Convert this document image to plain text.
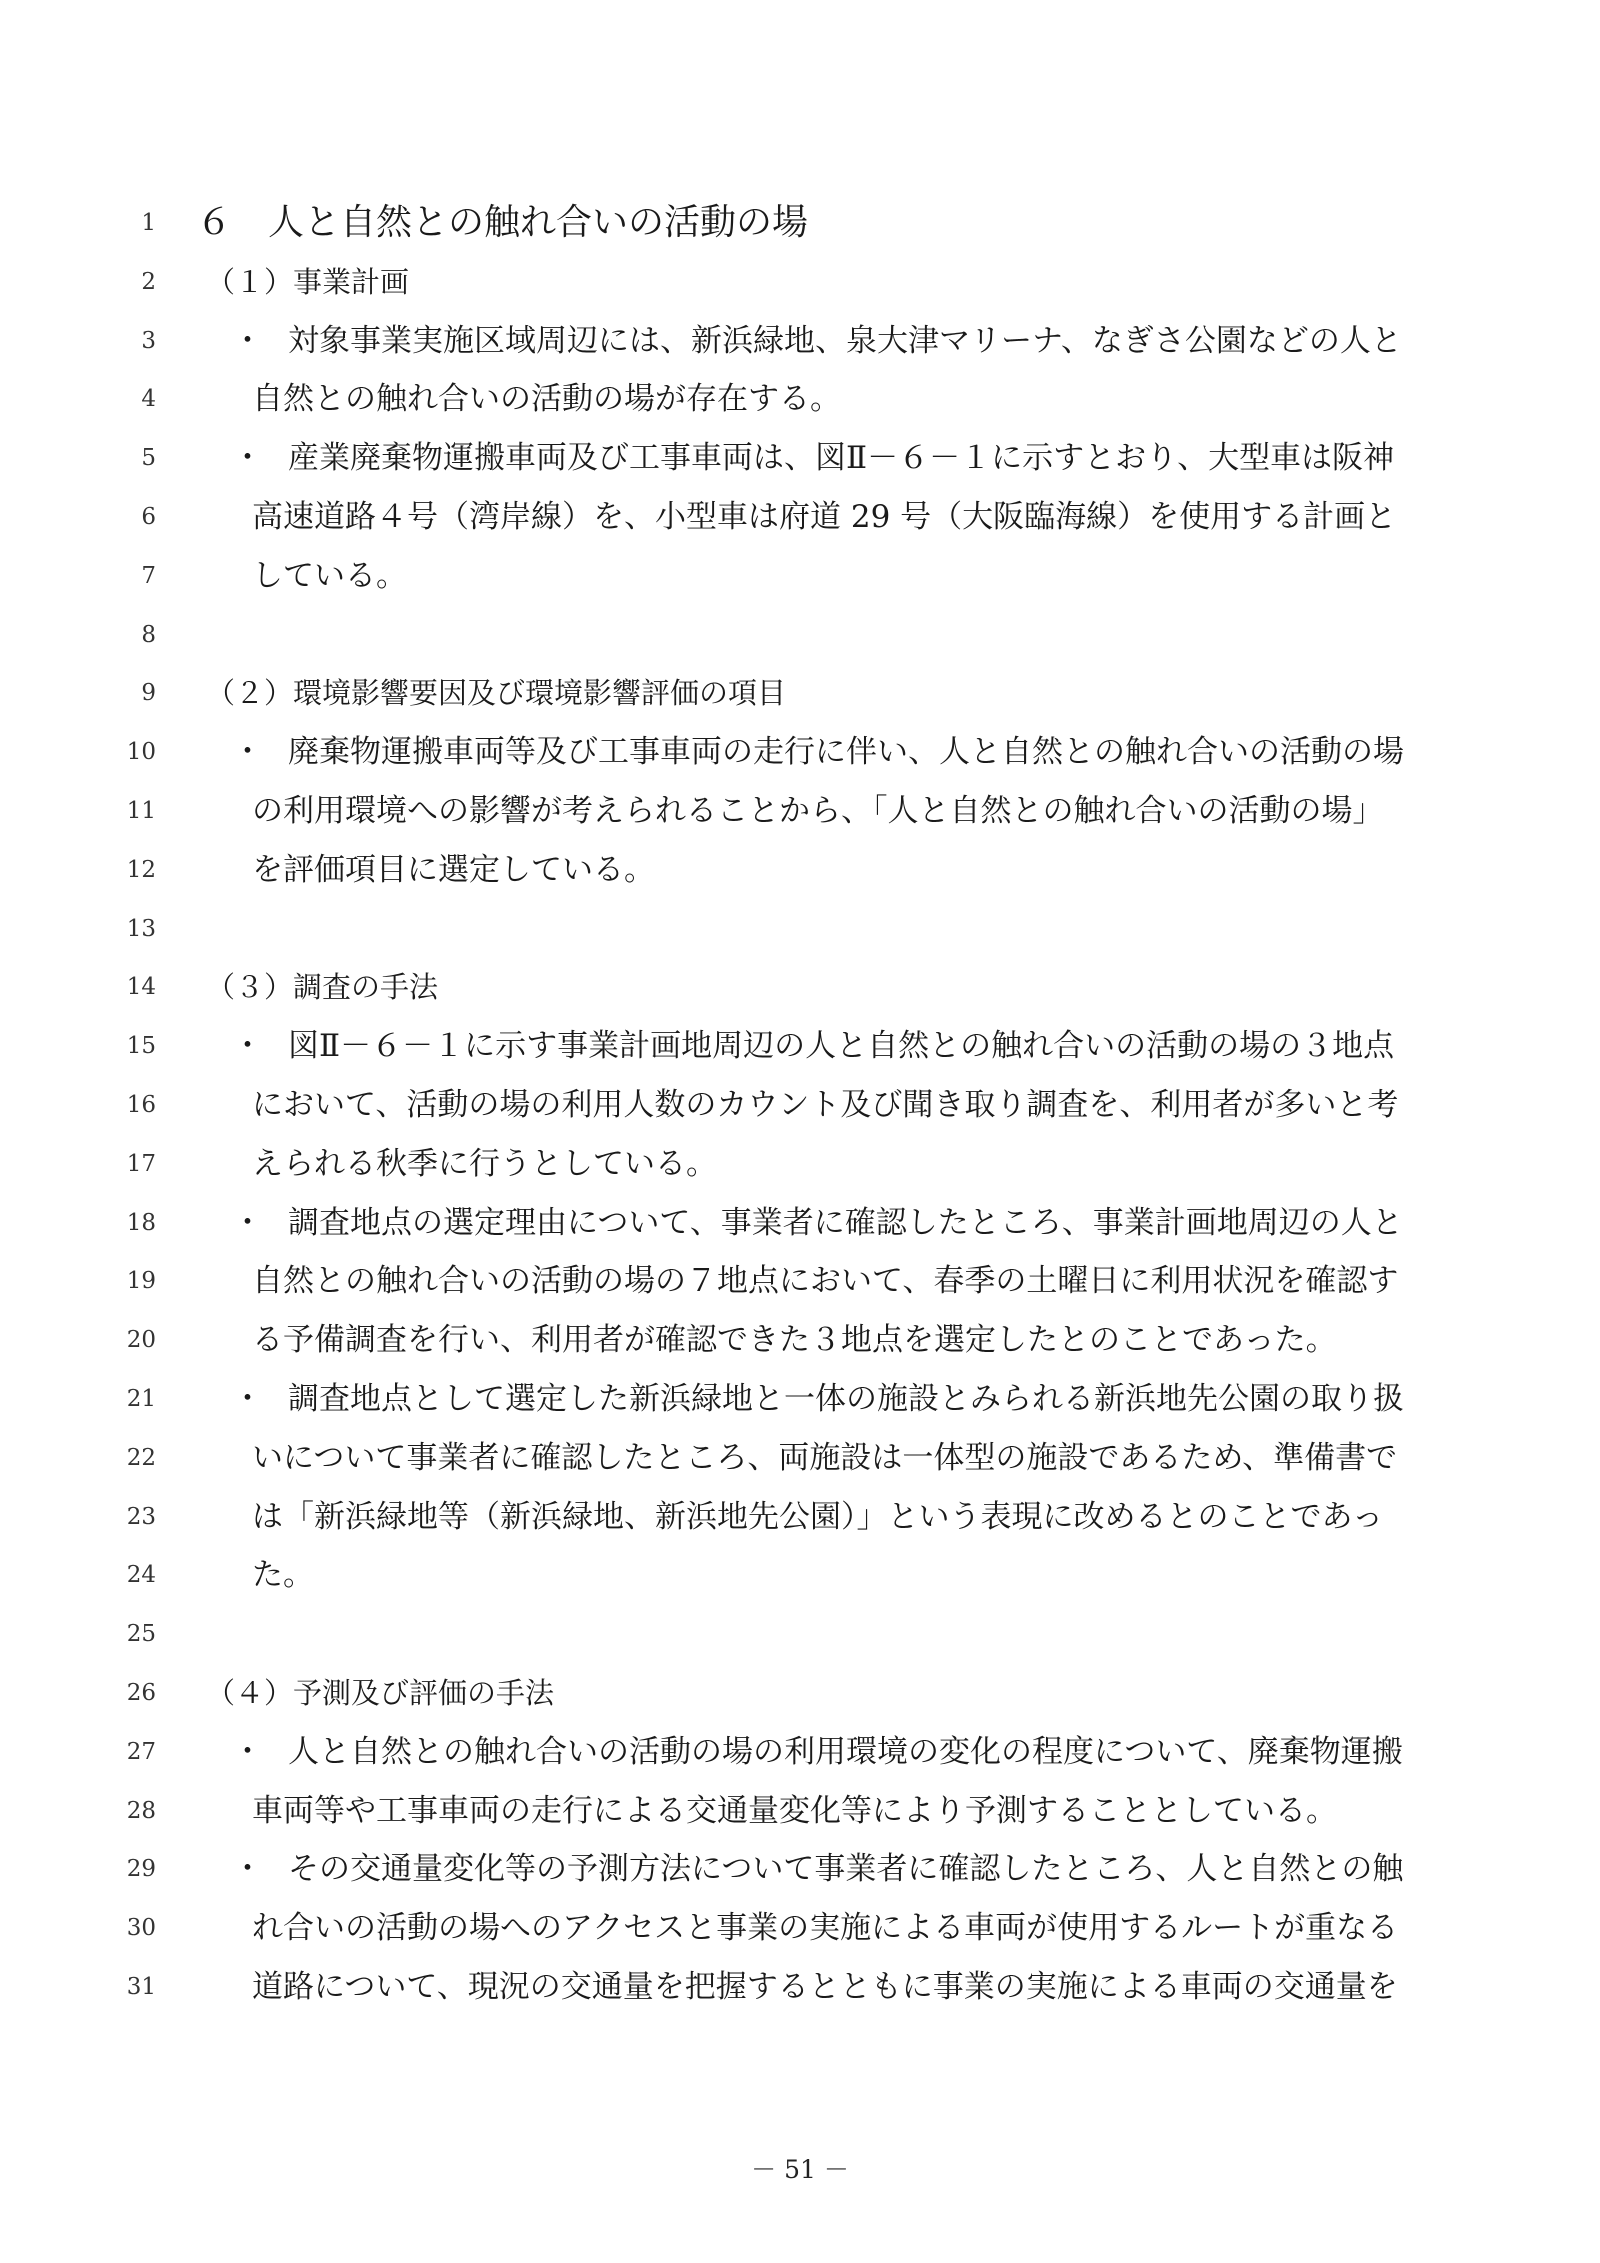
1 ６　人と自然との触れ合いの活動の場
2 （１）事業計画
3 ・ 対象事業実施区域周辺には、新浜緑地、泉大津マリーナ、なぎさ公園などの人と
4	自然との触れ合いの活動の場が存在する。
5 ・ 産業廃棄物運搬車両及び工事車両は、図Ⅱ－６－１に示すとおり、大型車は阪神
6	高速道路４号（湾岸線）を、小型車は府道 29 号（大阪臨海線）を使用する計画と
7	している。
8
9 （２）環境影響要因及び環境影響評価の項目
10 ・ 廃棄物運搬車両等及び工事車両の走行に伴い、人と自然との触れ合いの活動の場
11	の利用環境への影響が考えられることから、「人と自然との触れ合いの活動の場」
12	を評価項目に選定している。
13
14 （３）調査の手法
15 ・ 図Ⅱ－６－１に示す事業計画地周辺の人と自然との触れ合いの活動の場の３地点
16	において、活動の場の利用人数のカウント及び聞き取り調査を、利用者が多いと考
17	えられる秋季に行うとしている。
18 ・ 調査地点の選定理由について、事業者に確認したところ、事業計画地周辺の人と
19	自然との触れ合いの活動の場の７地点において、春季の土曜日に利用状況を確認す
20	る予備調査を行い、利用者が確認できた３地点を選定したとのことであった。
21 ・ 調査地点として選定した新浜緑地と一体の施設とみられる新浜地先公園の取り扱
22	いについて事業者に確認したところ、両施設は一体型の施設であるため、準備書で
23	は「新浜緑地等（新浜緑地、新浜地先公園）」という表現に改めるとのことであっ
24	た。
25
26 （４）予測及び評価の手法
27 ・ 人と自然との触れ合いの活動の場の利用環境の変化の程度について、廃棄物運搬
28	車両等や工事車両の走行による交通量変化等により予測することとしている。
29 ・ その交通量変化等の予測方法について事業者に確認したところ、人と自然との触
30	れ合いの活動の場へのアクセスと事業の実施による車両が使用するルートが重なる
31	道路について、現況の交通量を把握するとともに事業の実施による車両の交通量を
－ 51 －
